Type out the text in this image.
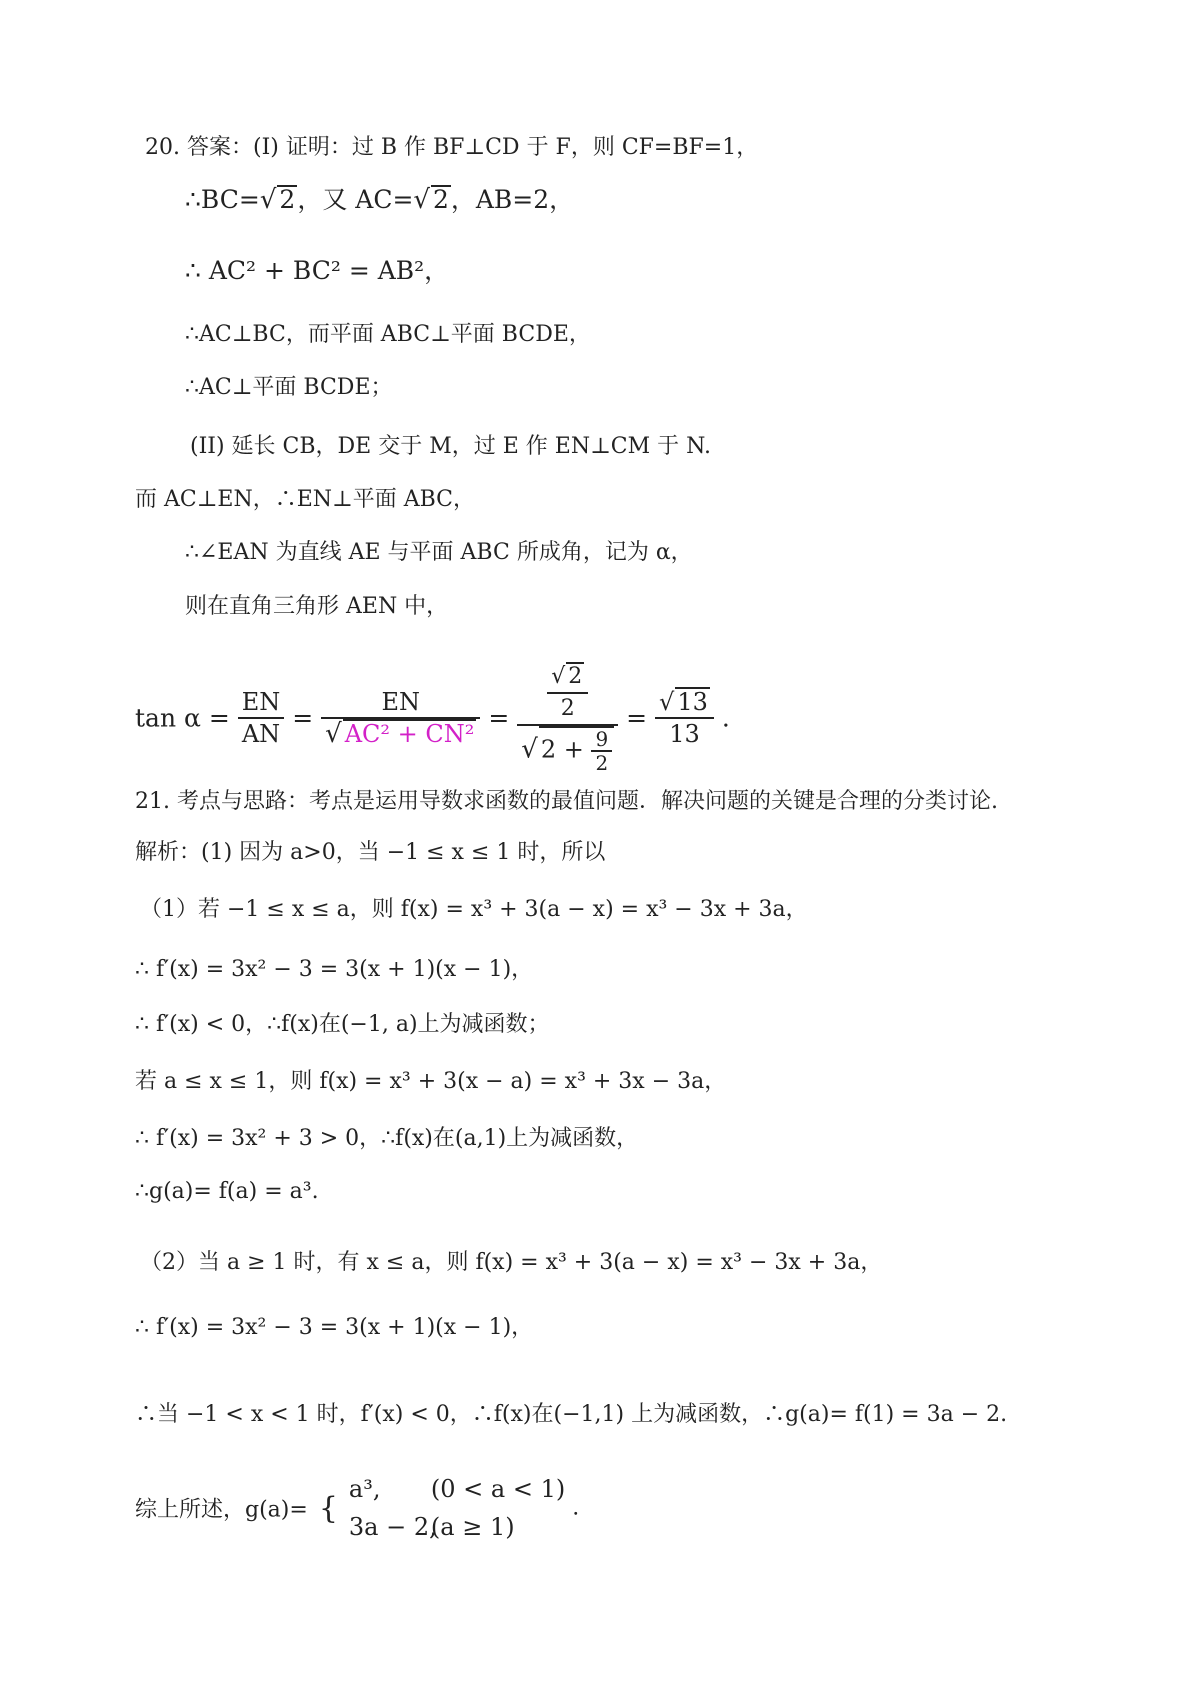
20. 答案：(I) 证明：过 B 作 BF⊥CD 于 F，则 CF=BF=1，
∴BC=√ 2，又 AC=√ 2，AB=2，
∴ AC² + BC² = AB²，
∴AC⊥BC，而平面 ABC⊥平面 BCDE，
∴AC⊥平面 BCDE；
(II) 延长 CB，DE 交于 M，过 E 作 EN⊥CM 于 N.
而 AC⊥EN，∴EN⊥平面 ABC，
∴∠EAN 为直线 AE 与平面 ABC 所成角，记为 α，
则在直角三角形 AEN 中，
$\tan \alpha = \frac{EN}{AN} = \frac{EN}{\text{√ AC² + CN²}} = \frac{\frac{√ 2}{2}}{√ 2 + \frac{9}{2}} = \frac{√ 13}{13}$ .
21. 考点与思路：考点是运用导数求函数的最值问题．解决问题的关键是合理的分类讨论.
解析：(1) 因为 a>0，当 −1 ≤ x ≤ 1 时，所以
（1）若 −1 ≤ x ≤ a，则 f(x) = x³ + 3(a − x) = x³ − 3x + 3a，
∴ f′(x) = 3x² − 3 = 3(x + 1)(x − 1)，
∴ f′(x) < 0，∴f(x)在(−1, a)上为减函数；
若 a ≤ x ≤ 1，则 f(x) = x³ + 3(x − a) = x³ + 3x − 3a，
∴ f′(x) = 3x² + 3 > 0，∴f(x)在(a,1)上为减函数，
∴g(a)= f(a) = a³.
（2）当 a ≥ 1 时，有 x ≤ a，则 f(x) = x³ + 3(a − x) = x³ − 3x + 3a，
∴ f′(x) = 3x² − 3 = 3(x + 1)(x − 1)，
∴当 −1 < x < 1 时，f′(x) < 0，∴f(x)在(−1,1) 上为减函数，∴g(a)= f(1) = 3a − 2.
综上所述，g(a)= {
a³, (0 < a < 1)
3a − 2,(a ≥ 1)
.
